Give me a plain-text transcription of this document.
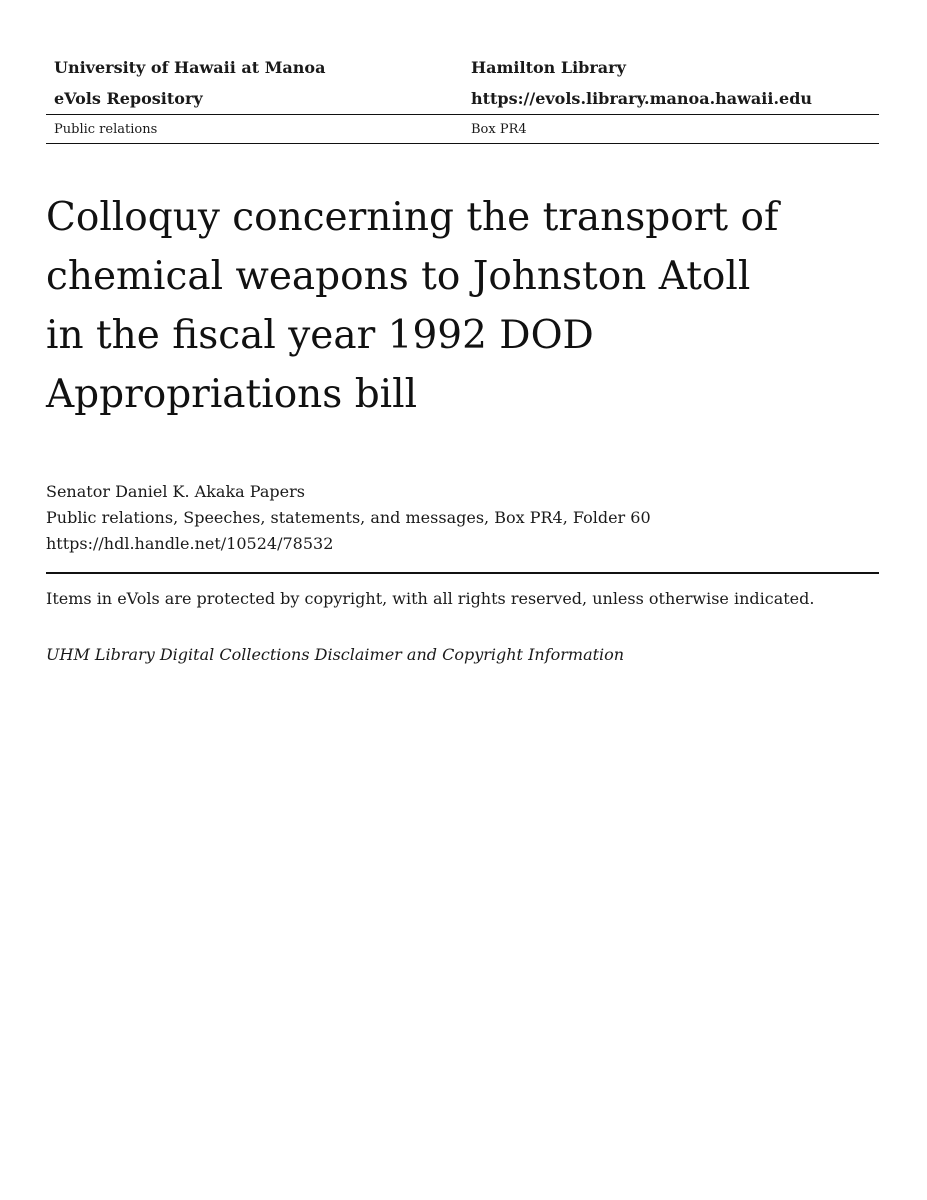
University of Hawaii at Manoa	Hamilton Library
eVols Repository	https://evols.library.manoa.hawaii.edu
Public relations	Box PR4
Colloquy concerning the transport of
chemical weapons to Johnston Atoll
in the fiscal year 1992 DOD
Appropriations bill
Senator Daniel K. Akaka Papers
Public relations, Speeches, statements, and messages, Box PR4, Folder 60
https://hdl.handle.net/10524/78532
Items in eVols are protected by copyright, with all rights reserved, unless otherwise indicated.
UHM Library Digital Collections Disclaimer and Copyright Information
